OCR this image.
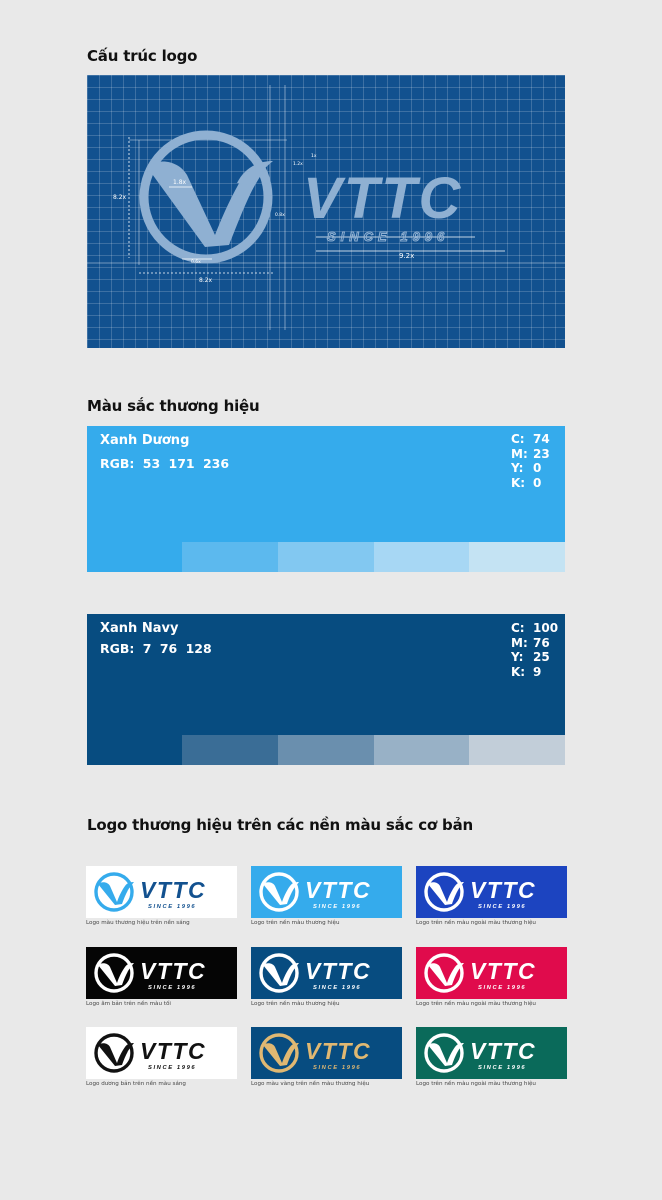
Cấu trúc logo
8.2x
8.2x
1.8x
0.6x
0.8x
1.2x
1x
9.2x
VTTC
SINCE 1996
Màu sắc thương hiệu
Xanh Dương
RGB: 53 171 236
C: 74
M: 23
Y: 0
K: 0
Xanh Navy
RGB: 7 76 128
C: 100
M: 76
Y: 25
K: 9
Logo thương hiệu trên các nền màu sắc cơ bản
Logo màu thương hiệu trên nền sáng	Logo trên nền màu thương hiệu	Logo trên nền màu ngoài màu thương hiệu
Logo âm bản trên nền màu tối	Logo trên nền màu thương hiệu	Logo trên nền màu ngoài màu thương hiệu
Logo dương bản trên nền màu sáng	Logo màu vàng trên nền màu thương hiệu	Logo trên nền màu ngoài màu thương hiệu
